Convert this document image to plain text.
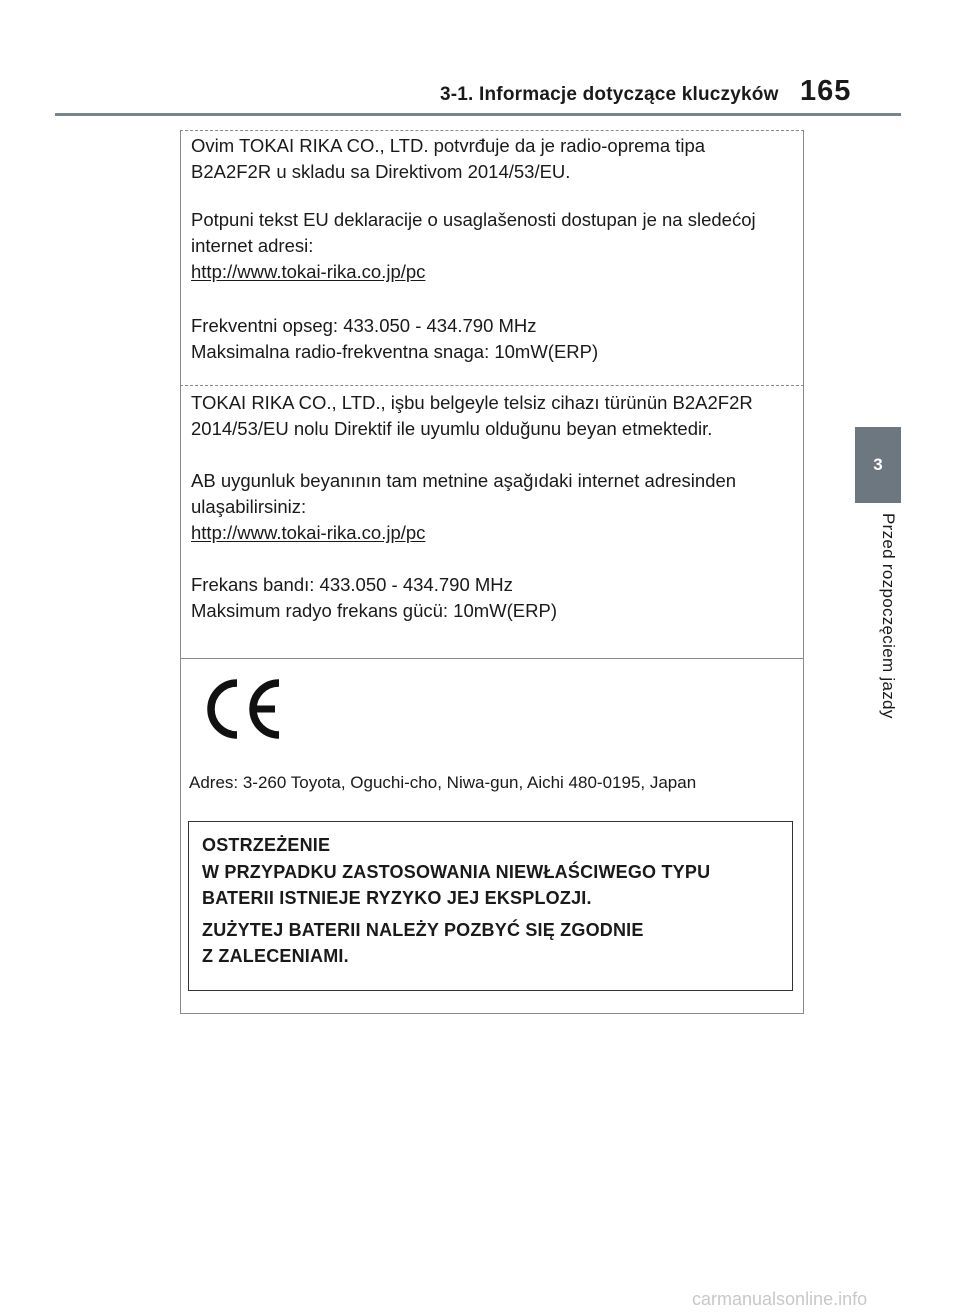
3-1. Informacje dotyczące kluczyków 165
3
Przed rozpoczęciem jazdy
Ovim TOKAI RIKA CO., LTD. potvrđuje da je radio-oprema tipa
B2A2F2R u skladu sa Direktivom 2014/53/EU.
Potpuni tekst EU deklaracije o usaglašenosti dostupan je na sledećoj
internet adresi:
http://www.tokai-rika.co.jp/pc
Frekventni opseg: 433.050 - 434.790 MHz
Maksimalna radio-frekventna snaga: 10mW(ERP)
TOKAI RIKA CO., LTD., işbu belgeyle telsiz cihazı türünün B2A2F2R
2014/53/EU nolu Direktif ile uyumlu olduğunu beyan etmektedir.
AB uygunluk beyanının tam metnine aşağıdaki internet adresinden
ulaşabilirsiniz:
http://www.tokai-rika.co.jp/pc
Frekans bandı: 433.050 - 434.790 MHz
Maksimum radyo frekans gücü: 10mW(ERP)
Adres: 3-260 Toyota, Oguchi-cho, Niwa-gun, Aichi 480-0195, Japan
OSTRZEŻENIE
W PRZYPADKU ZASTOSOWANIA NIEWŁAŚCIWEGO TYPU
BATERII ISTNIEJE RYZYKO JEJ EKSPLOZJI.
ZUŻYTEJ BATERII NALEŻY POZBYĆ SIĘ ZGODNIE
Z ZALECENIAMI.
carmanualsonline.info
